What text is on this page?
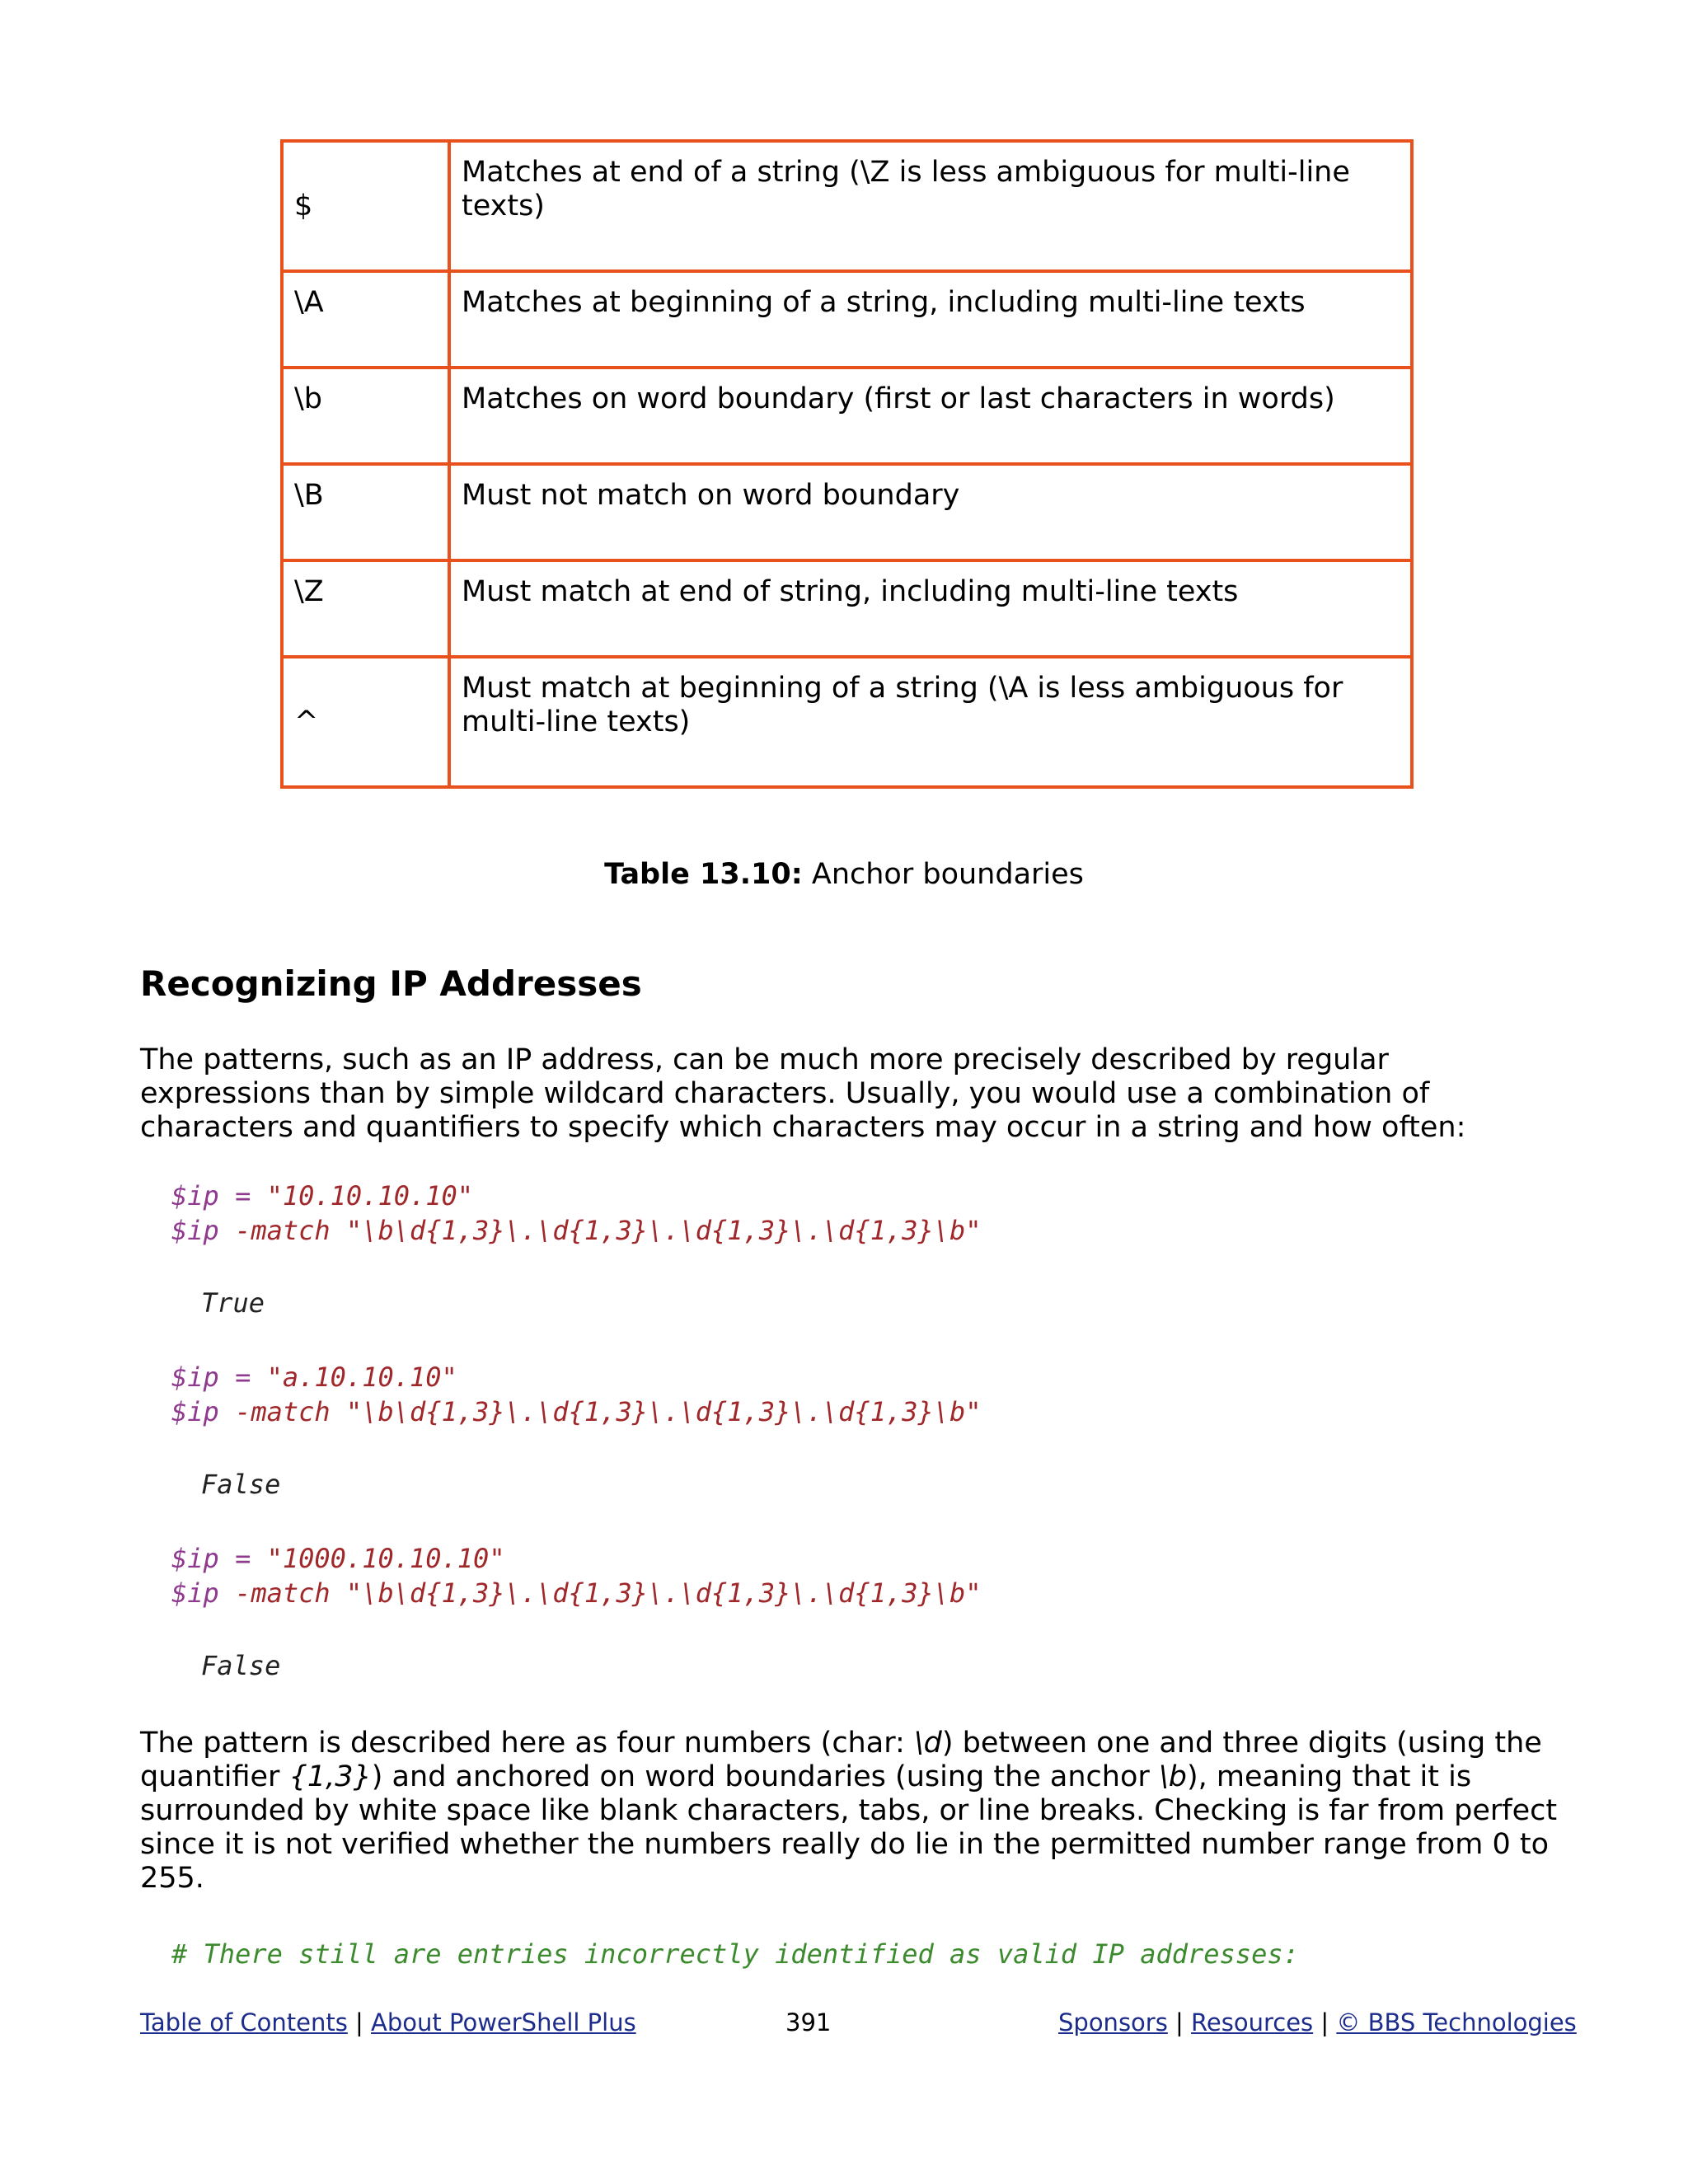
$	Matches at end of a string (\Z is less ambiguous for multi-line texts)
\A	Matches at beginning of a string, including multi-line texts
\b	Matches on word boundary (first or last characters in words)
\B	Must not match on word boundary
\Z	Must match at end of string, including multi-line texts
^	Must match at beginning of a string (\A is less ambiguous for multi-line texts)
Table 13.10: Anchor boundaries
Recognizing IP Addresses

The patterns, such as an IP address, can be much more precisely described by regular expressions than by simple wildcard characters. Usually, you would use a combination of characters and quantifiers to specify which characters may occur in a string and how often:

$ip = "10.10.10.10"
$ip -match "\b\d{1,3}\.\d{1,3}\.\d{1,3}\.\d{1,3}\b"
True
$ip = "a.10.10.10"
$ip -match "\b\d{1,3}\.\d{1,3}\.\d{1,3}\.\d{1,3}\b"
False
$ip = "1000.10.10.10"
$ip -match "\b\d{1,3}\.\d{1,3}\.\d{1,3}\.\d{1,3}\b"
False

The pattern is described here as four numbers (char: \d) between one and three digits (using the quantifier {1,3}) and anchored on word boundaries (using the anchor \b), meaning that it is surrounded by white space like blank characters, tabs, or line breaks. Checking is far from perfect since it is not verified whether the numbers really do lie in the permitted number range from 0 to 255.

# There still are entries incorrectly identified as valid IP addresses:
Table of Contents | About PowerShell Plus	391	Sponsors | Resources | © BBS Technologies
